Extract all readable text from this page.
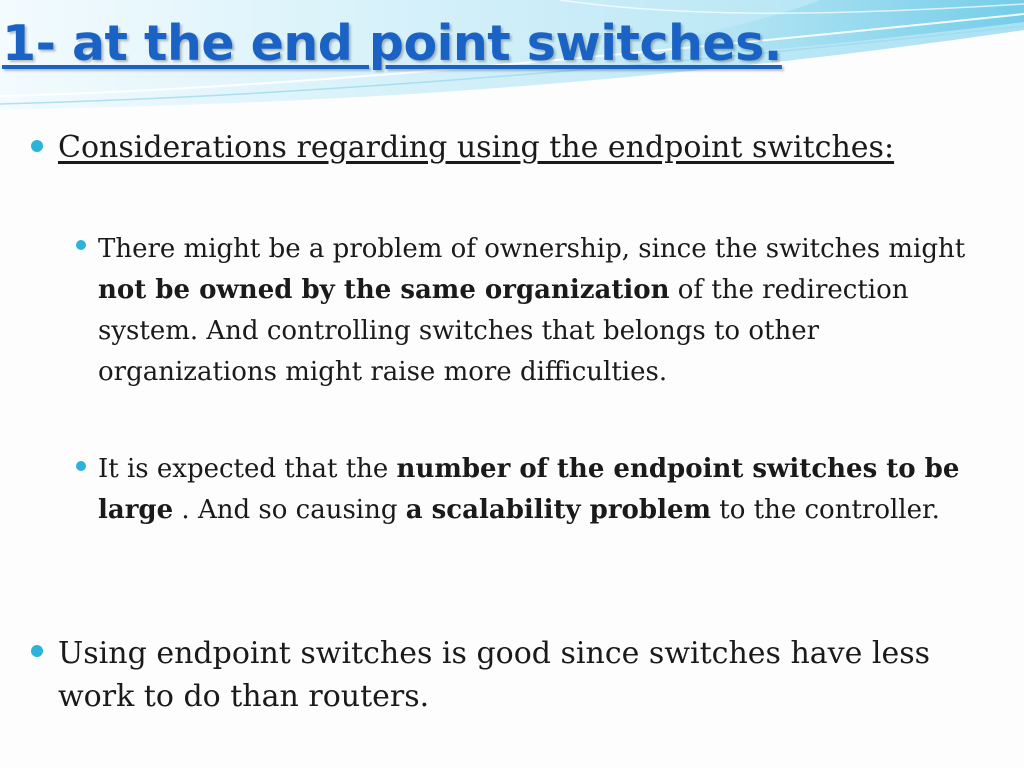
1- at the end point switches.
Considerations regarding using the endpoint switches:
There might be a problem of ownership, since the switches might not be owned by the same organization of the redirection system. And controlling switches that belongs to other organizations might raise more difficulties.
It is expected that the number of the endpoint switches to be large . And so causing a scalability problem to the controller.
Using endpoint switches is good since switches have less work to do than routers.
